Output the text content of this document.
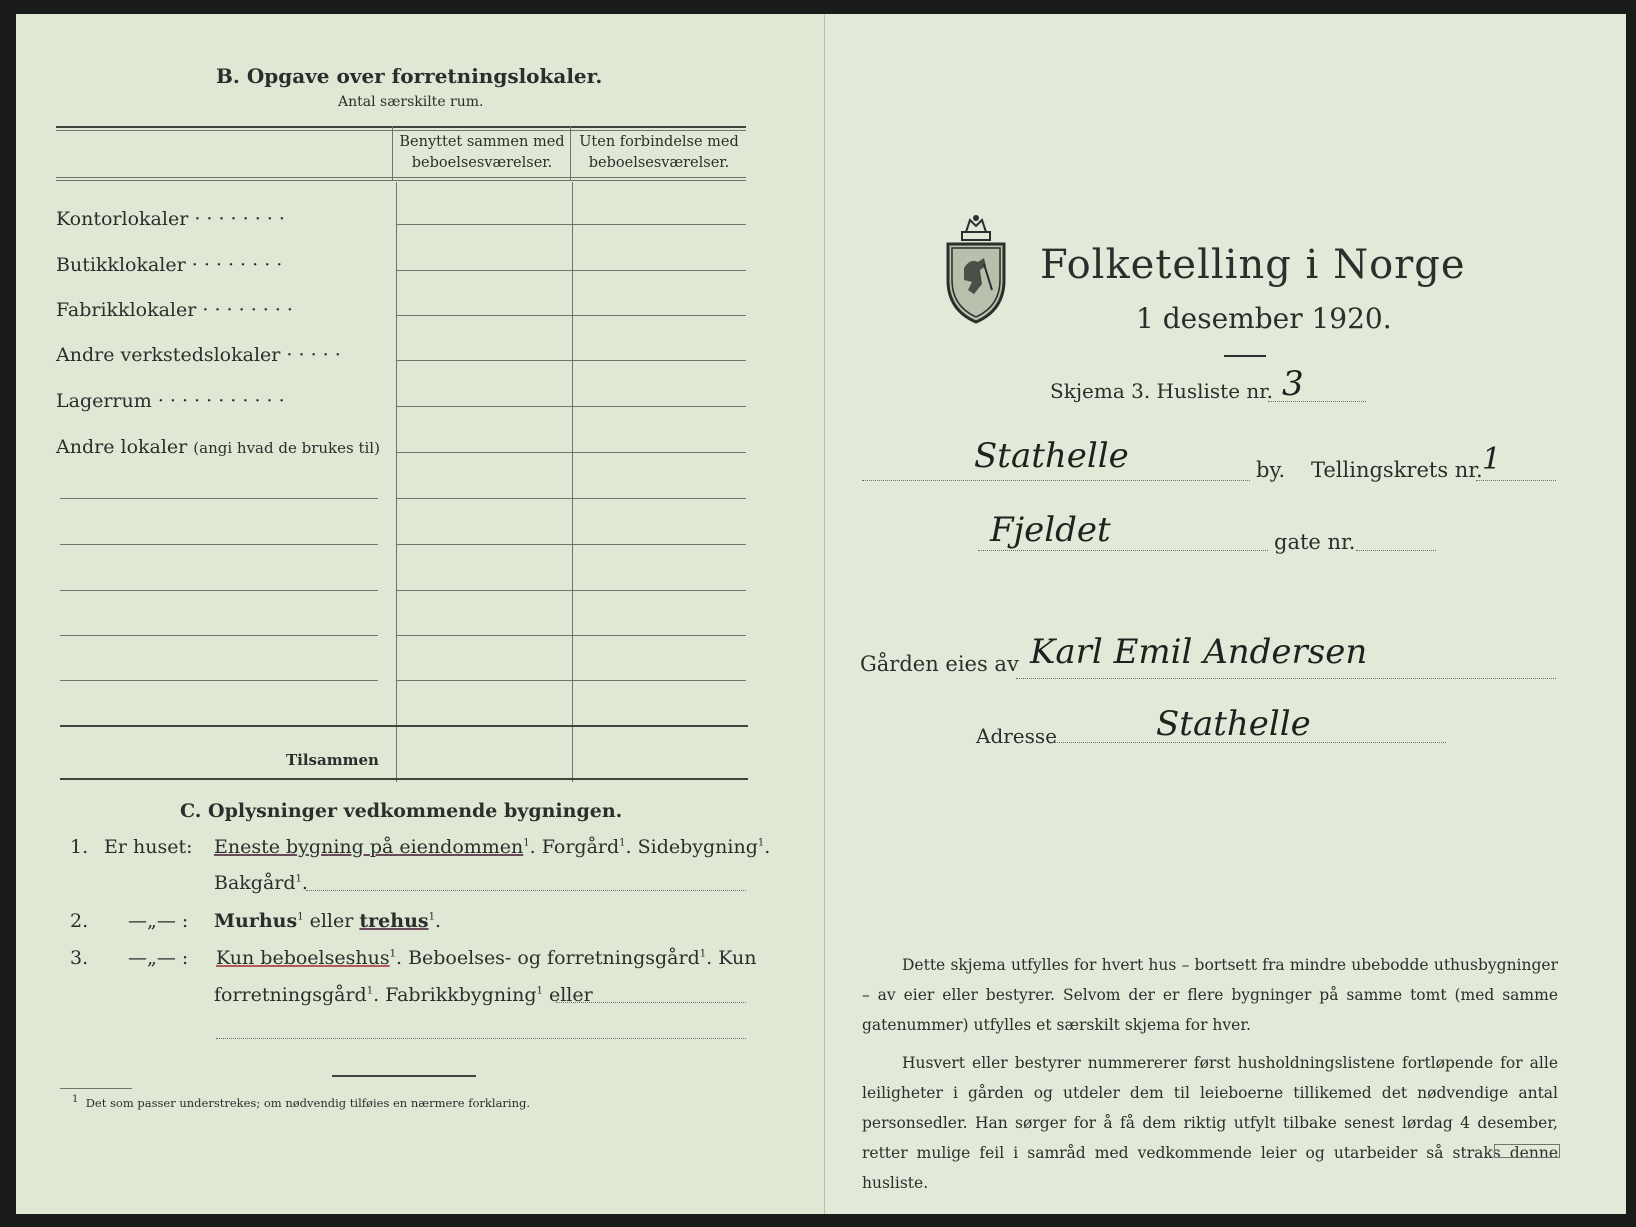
B. Opgave over forretningslokaler.
Antal særskilte rum.
Benyttet sammen med
beboelsesværelser.
Uten forbindelse med
beboelsesværelser.
Kontorlokaler · · · · · · · ·
Butikklokaler · · · · · · · ·
Fabrikklokaler · · · · · · · ·
Andre verkstedslokaler · · · · ·
Lagerrum · · · · · · · · · · ·
Andre lokaler (angi hvad de brukes til)
Tilsammen
C. Oplysninger vedkommende bygningen.
1. Er huset: Eneste bygning på eiendommen$^1$. Forgård$^1$. Sidebygning$^1$.
Bakgård$^1$.
2. —„— : Murhus$^1$ eller trehus$^1$.
3. —„— : Kun beboelseshus$^1$. Beboelses- og forretningsgård$^1$. Kun
forretningsgård$^1$. Fabrikkbygning$^1$ eller
1 Det som passer understrekes; om nødvendig tilføies en nærmere forklaring.
Folketelling i Norge
1 desember 1920.
Skjema 3. Husliste nr. 3
Stathelle	by. Tellingskrets nr. 1
Fjeldet	gate nr.
Gården eies av Karl Emil Andersen
Adresse	Stathelle
Dette skjema utfylles for hvert hus – bortsett fra mindre ubebodde uthusbygninger – av eier eller bestyrer. Selvom der er flere bygninger på samme tomt (med samme gatenummer) utfylles et særskilt skjema for hver.
Husvert eller bestyrer nummererer først husholdningslistene fortløpende for alle leiligheter i gården og utdeler dem til leieboerne tillikemed det nødvendige antal personsedler. Han sørger for å få dem riktig utfylt tilbake senest lørdag 4 desember, retter mulige feil i samråd med vedkommende leier og utarbeider så straks denne husliste.
